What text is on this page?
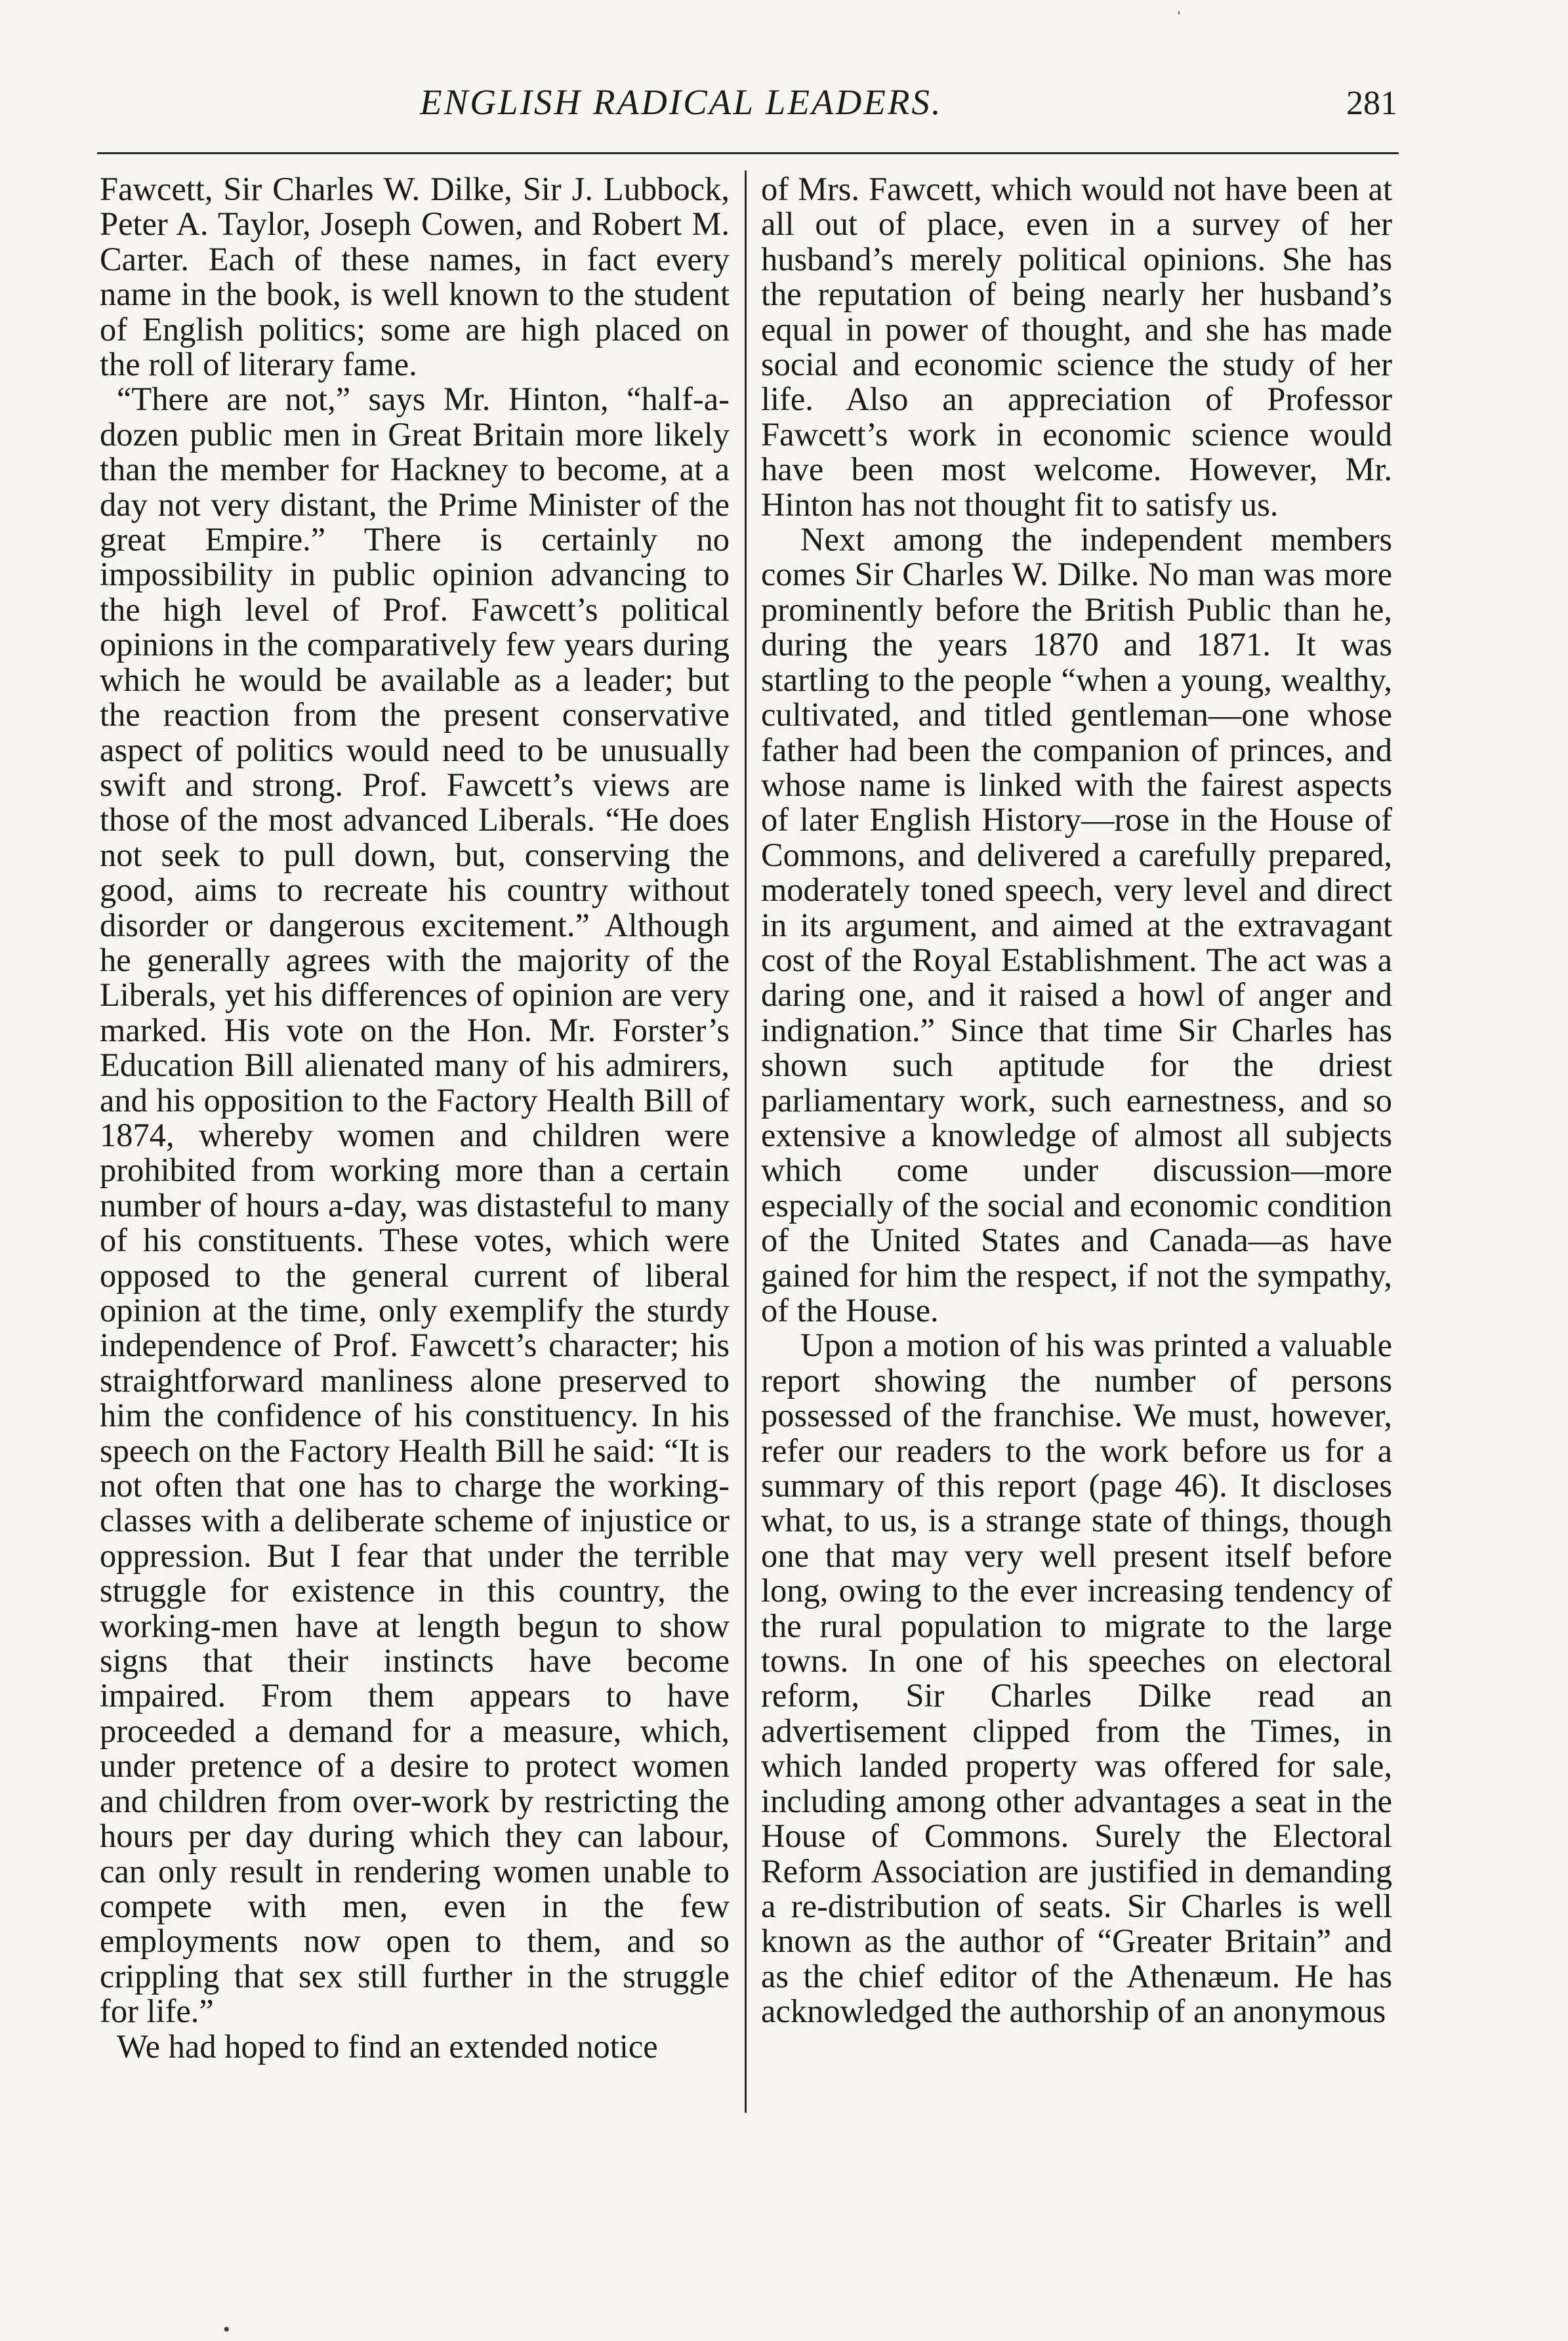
ENGLISH RADICAL LEADERS.	281

Fawcett, Sir Charles W. Dilke, Sir J. Lubbock, Peter A. Taylor, Joseph Cowen, and Robert M. Carter. Each of these names, in fact every name in the book, is well known to the student of English politics; some are high placed on the roll of literary fame.

“There are not,” says Mr. Hinton, “half-a-dozen public men in Great Britain more likely than the member for Hackney to become, at a day not very distant, the Prime Minister of the great Empire.” There is certainly no impossibility in public opinion advancing to the high level of Prof. Fawcett’s political opinions in the comparatively few years during which he would be available as a leader; but the reaction from the present conservative aspect of politics would need to be unusually swift and strong. Prof. Fawcett’s views are those of the most advanced Liberals. “He does not seek to pull down, but, conserving the good, aims to recreate his country without disorder or dangerous excitement.” Although he generally agrees with the majority of the Liberals, yet his differences of opinion are very marked. His vote on the Hon. Mr. Forster’s Education Bill alienated many of his admirers, and his opposition to the Factory Health Bill of 1874, whereby women and children were prohibited from working more than a certain number of hours a-day, was distasteful to many of his constituents. These votes, which were opposed to the general current of liberal opinion at the time, only exemplify the sturdy independence of Prof. Fawcett’s character; his straightforward manliness alone preserved to him the confidence of his constituency. In his speech on the Factory Health Bill he said: “It is not often that one has to charge the working-classes with a deliberate scheme of injustice or oppression. But I fear that under the terrible struggle for existence in this country, the working-men have at length begun to show signs that their instincts have become impaired. From them appears to have proceeded a demand for a measure, which, under pretence of a desire to protect women and children from over-work by restricting the hours per day during which they can labour, can only result in rendering women unable to compete with men, even in the few employments now open to them, and so crippling that sex still further in the struggle for life.”

We had hoped to find an extended notice

of Mrs. Fawcett, which would not have been at all out of place, even in a survey of her husband’s merely political opinions. She has the reputation of being nearly her husband’s equal in power of thought, and she has made social and economic science the study of her life. Also an appreciation of Professor Fawcett’s work in economic science would have been most welcome. However, Mr. Hinton has not thought fit to satisfy us.

Next among the independent members comes Sir Charles W. Dilke. No man was more prominently before the British Public than he, during the years 1870 and 1871. It was startling to the people “when a young, wealthy, cultivated, and titled gentleman—one whose father had been the companion of princes, and whose name is linked with the fairest aspects of later English History—rose in the House of Commons, and delivered a carefully prepared, moderately toned speech, very level and direct in its argument, and aimed at the extravagant cost of the Royal Establishment. The act was a daring one, and it raised a howl of anger and indignation.” Since that time Sir Charles has shown such aptitude for the driest parliamentary work, such earnestness, and so extensive a knowledge of almost all subjects which come under discussion—more especially of the social and economic condition of the United States and Canada—as have gained for him the respect, if not the sympathy, of the House.

Upon a motion of his was printed a valuable report showing the number of persons possessed of the franchise. We must, however, refer our readers to the work before us for a summary of this report (page 46). It discloses what, to us, is a strange state of things, though one that may very well present itself before long, owing to the ever increasing tendency of the rural population to migrate to the large towns. In one of his speeches on electoral reform, Sir Charles Dilke read an advertisement clipped from the Times, in which landed property was offered for sale, including among other advantages a seat in the House of Commons. Surely the Electoral Reform Association are justified in demanding a re-distribution of seats. Sir Charles is well known as the author of “Greater Britain” and as the chief editor of the Athenæum. He has acknowledged the authorship of an anonymous

ˈ
•
